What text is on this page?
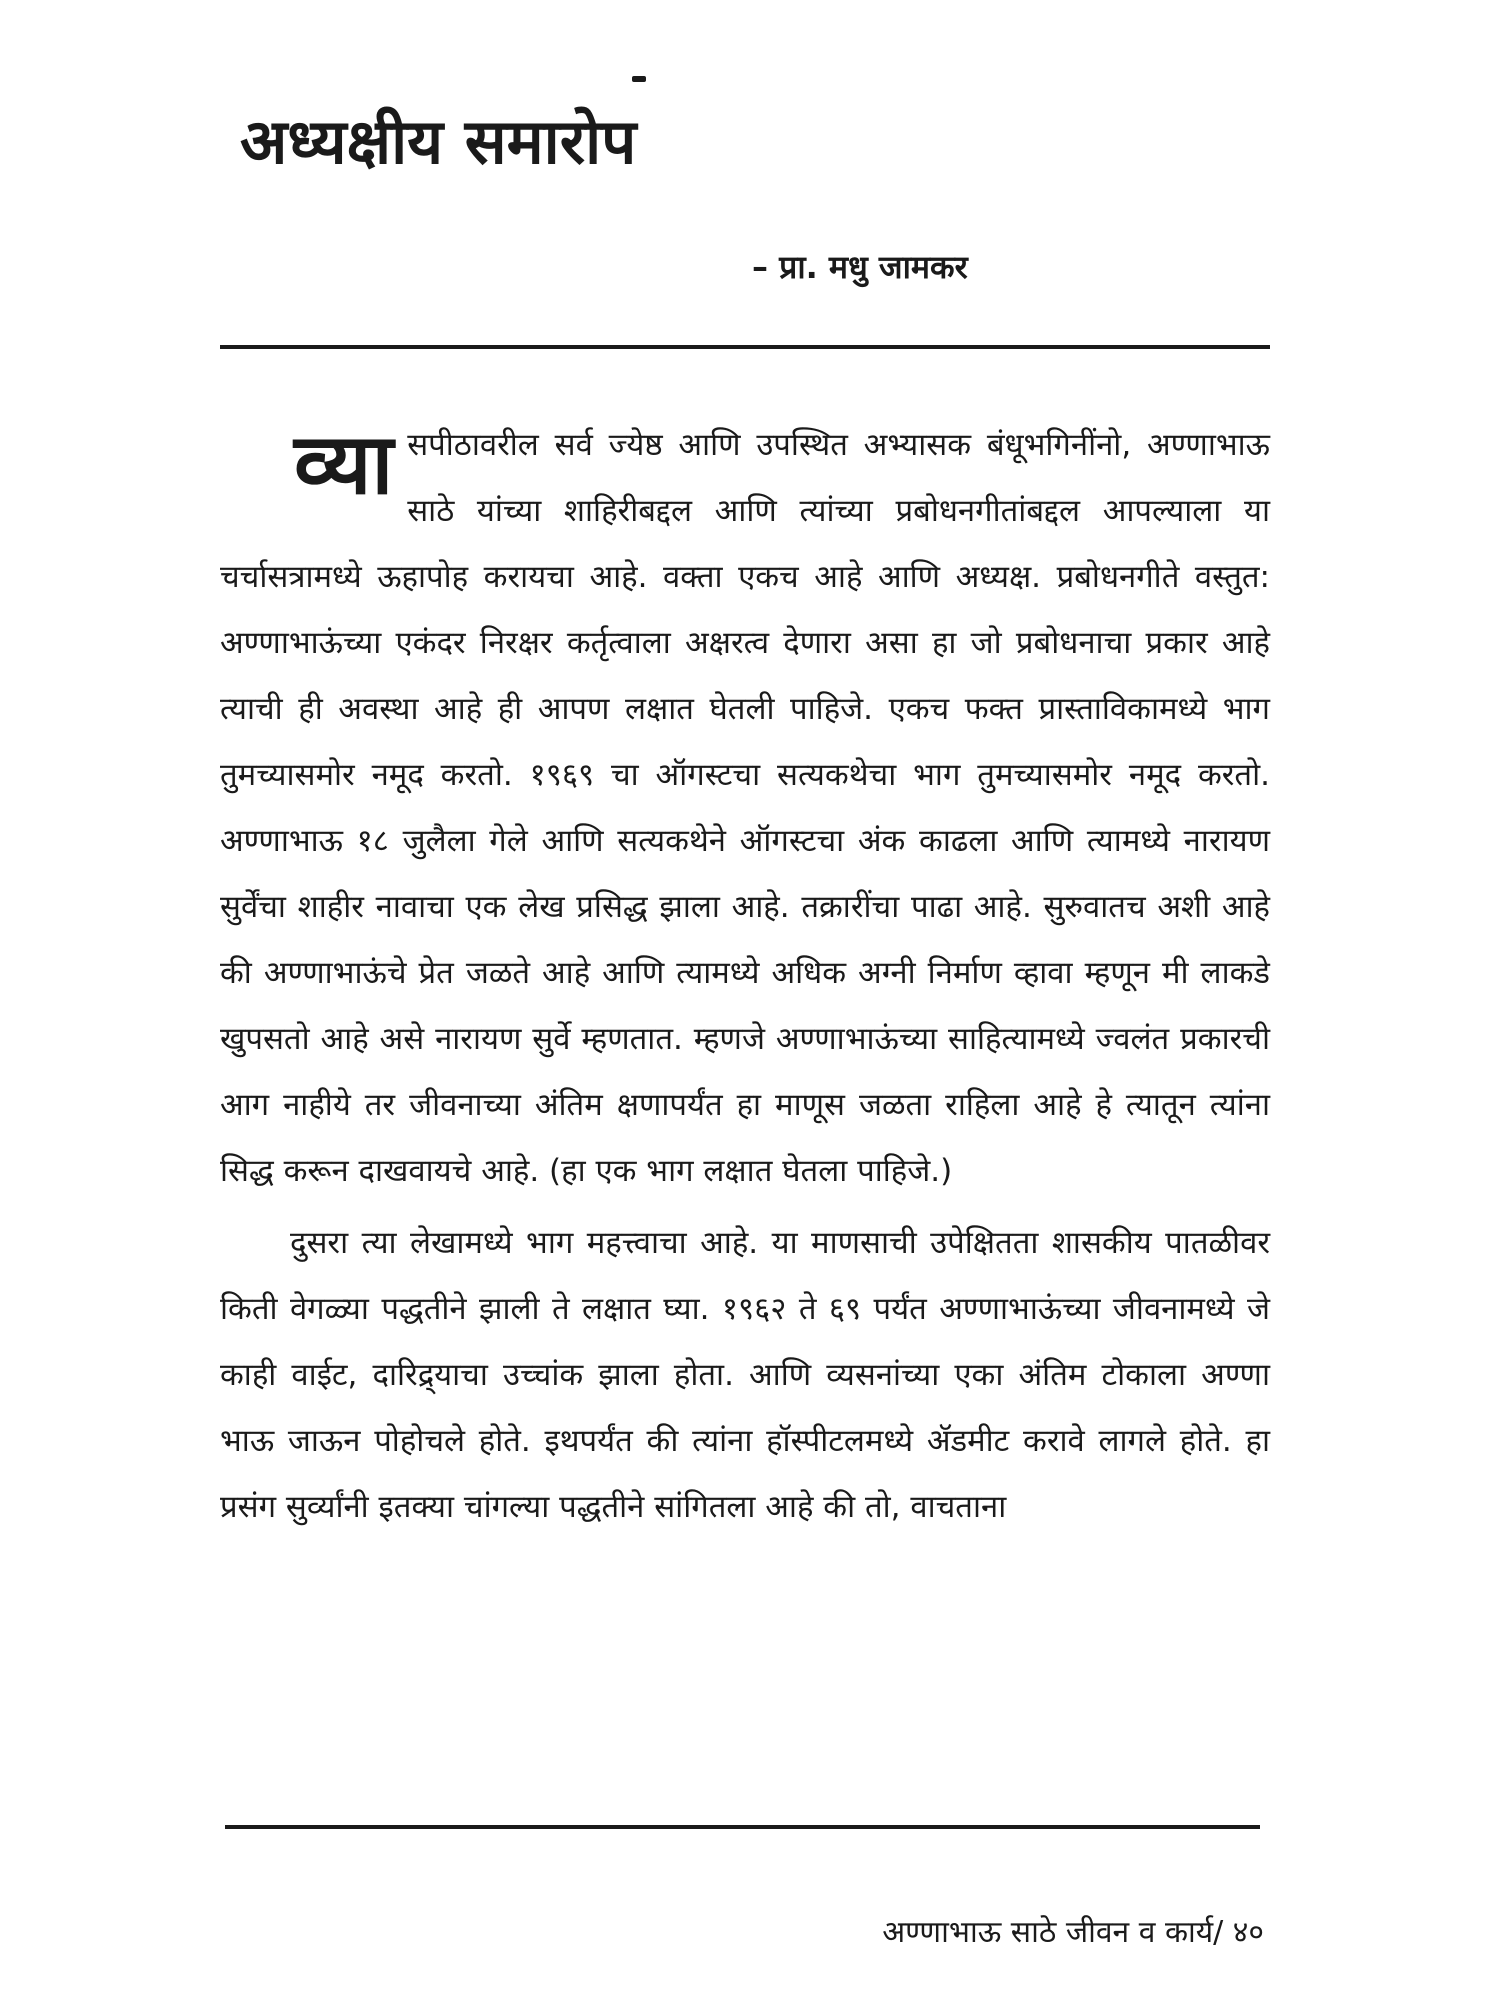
अध्यक्षीय समारोप
– प्रा. मधु जामकर

व्या सपीठावरील सर्व ज्येष्ठ आणि उपस्थित अभ्यासक बंधूभगिनींनो, अण्णाभाऊ साठे यांच्या शाहिरीबद्दल आणि त्यांच्या प्रबोधनगीतांबद्दल आपल्याला या चर्चासत्रामध्ये ऊहापोह करायचा आहे. वक्ता एकच आहे आणि अध्यक्ष. प्रबोधनगीते वस्तुत: अण्णाभाऊंच्या एकंदर निरक्षर कर्तृत्वाला अक्षरत्व देणारा असा हा जो प्रबोधनाचा प्रकार आहे त्याची ही अवस्था आहे ही आपण लक्षात घेतली पाहिजे. एकच फक्त प्रास्ताविकामध्ये भाग तुमच्यासमोर नमूद करतो. १९६९ चा ऑगस्टचा सत्यकथेचा भाग तुमच्यासमोर नमूद करतो. अण्णाभाऊ १८ जुलैला गेले आणि सत्यकथेने ऑगस्टचा अंक काढला आणि त्यामध्ये नारायण सुर्वेंचा शाहीर नावाचा एक लेख प्रसिद्ध झाला आहे. तक्रारींचा पाढा आहे. सुरुवातच अशी आहे की अण्णाभाऊंचे प्रेत जळते आहे आणि त्यामध्ये अधिक अग्नी निर्माण व्हावा म्हणून मी लाकडे खुपसतो आहे असे नारायण सुर्वे म्हणतात. म्हणजे अण्णाभाऊंच्या साहित्यामध्ये ज्वलंत प्रकारची आग नाहीये तर जीवनाच्या अंतिम क्षणापर्यंत हा माणूस जळता राहिला आहे हे त्यातून त्यांना सिद्ध करून दाखवायचे आहे. (हा एक भाग लक्षात घेतला पाहिजे.)

दुसरा त्या लेखामध्ये भाग महत्त्वाचा आहे. या माणसाची उपेक्षितता शासकीय पातळीवर किती वेगळ्या पद्धतीने झाली ते लक्षात घ्या. १९६२ ते ६९ पर्यंत अण्णाभाऊंच्या जीवनामध्ये जे काही वाईट, दारिद्र्याचा उच्चांक झाला होता. आणि व्यसनांच्या एका अंतिम टोकाला अण्णा भाऊ जाऊन पोहोचले होते. इथपर्यंत की त्यांना हॉस्पीटलमध्ये ॲडमीट करावे लागले होते. हा प्रसंग सुर्व्यांनी इतक्या चांगल्या पद्धतीने सांगितला आहे की तो, वाचताना

अण्णाभाऊ साठे जीवन व कार्य/ ४०
